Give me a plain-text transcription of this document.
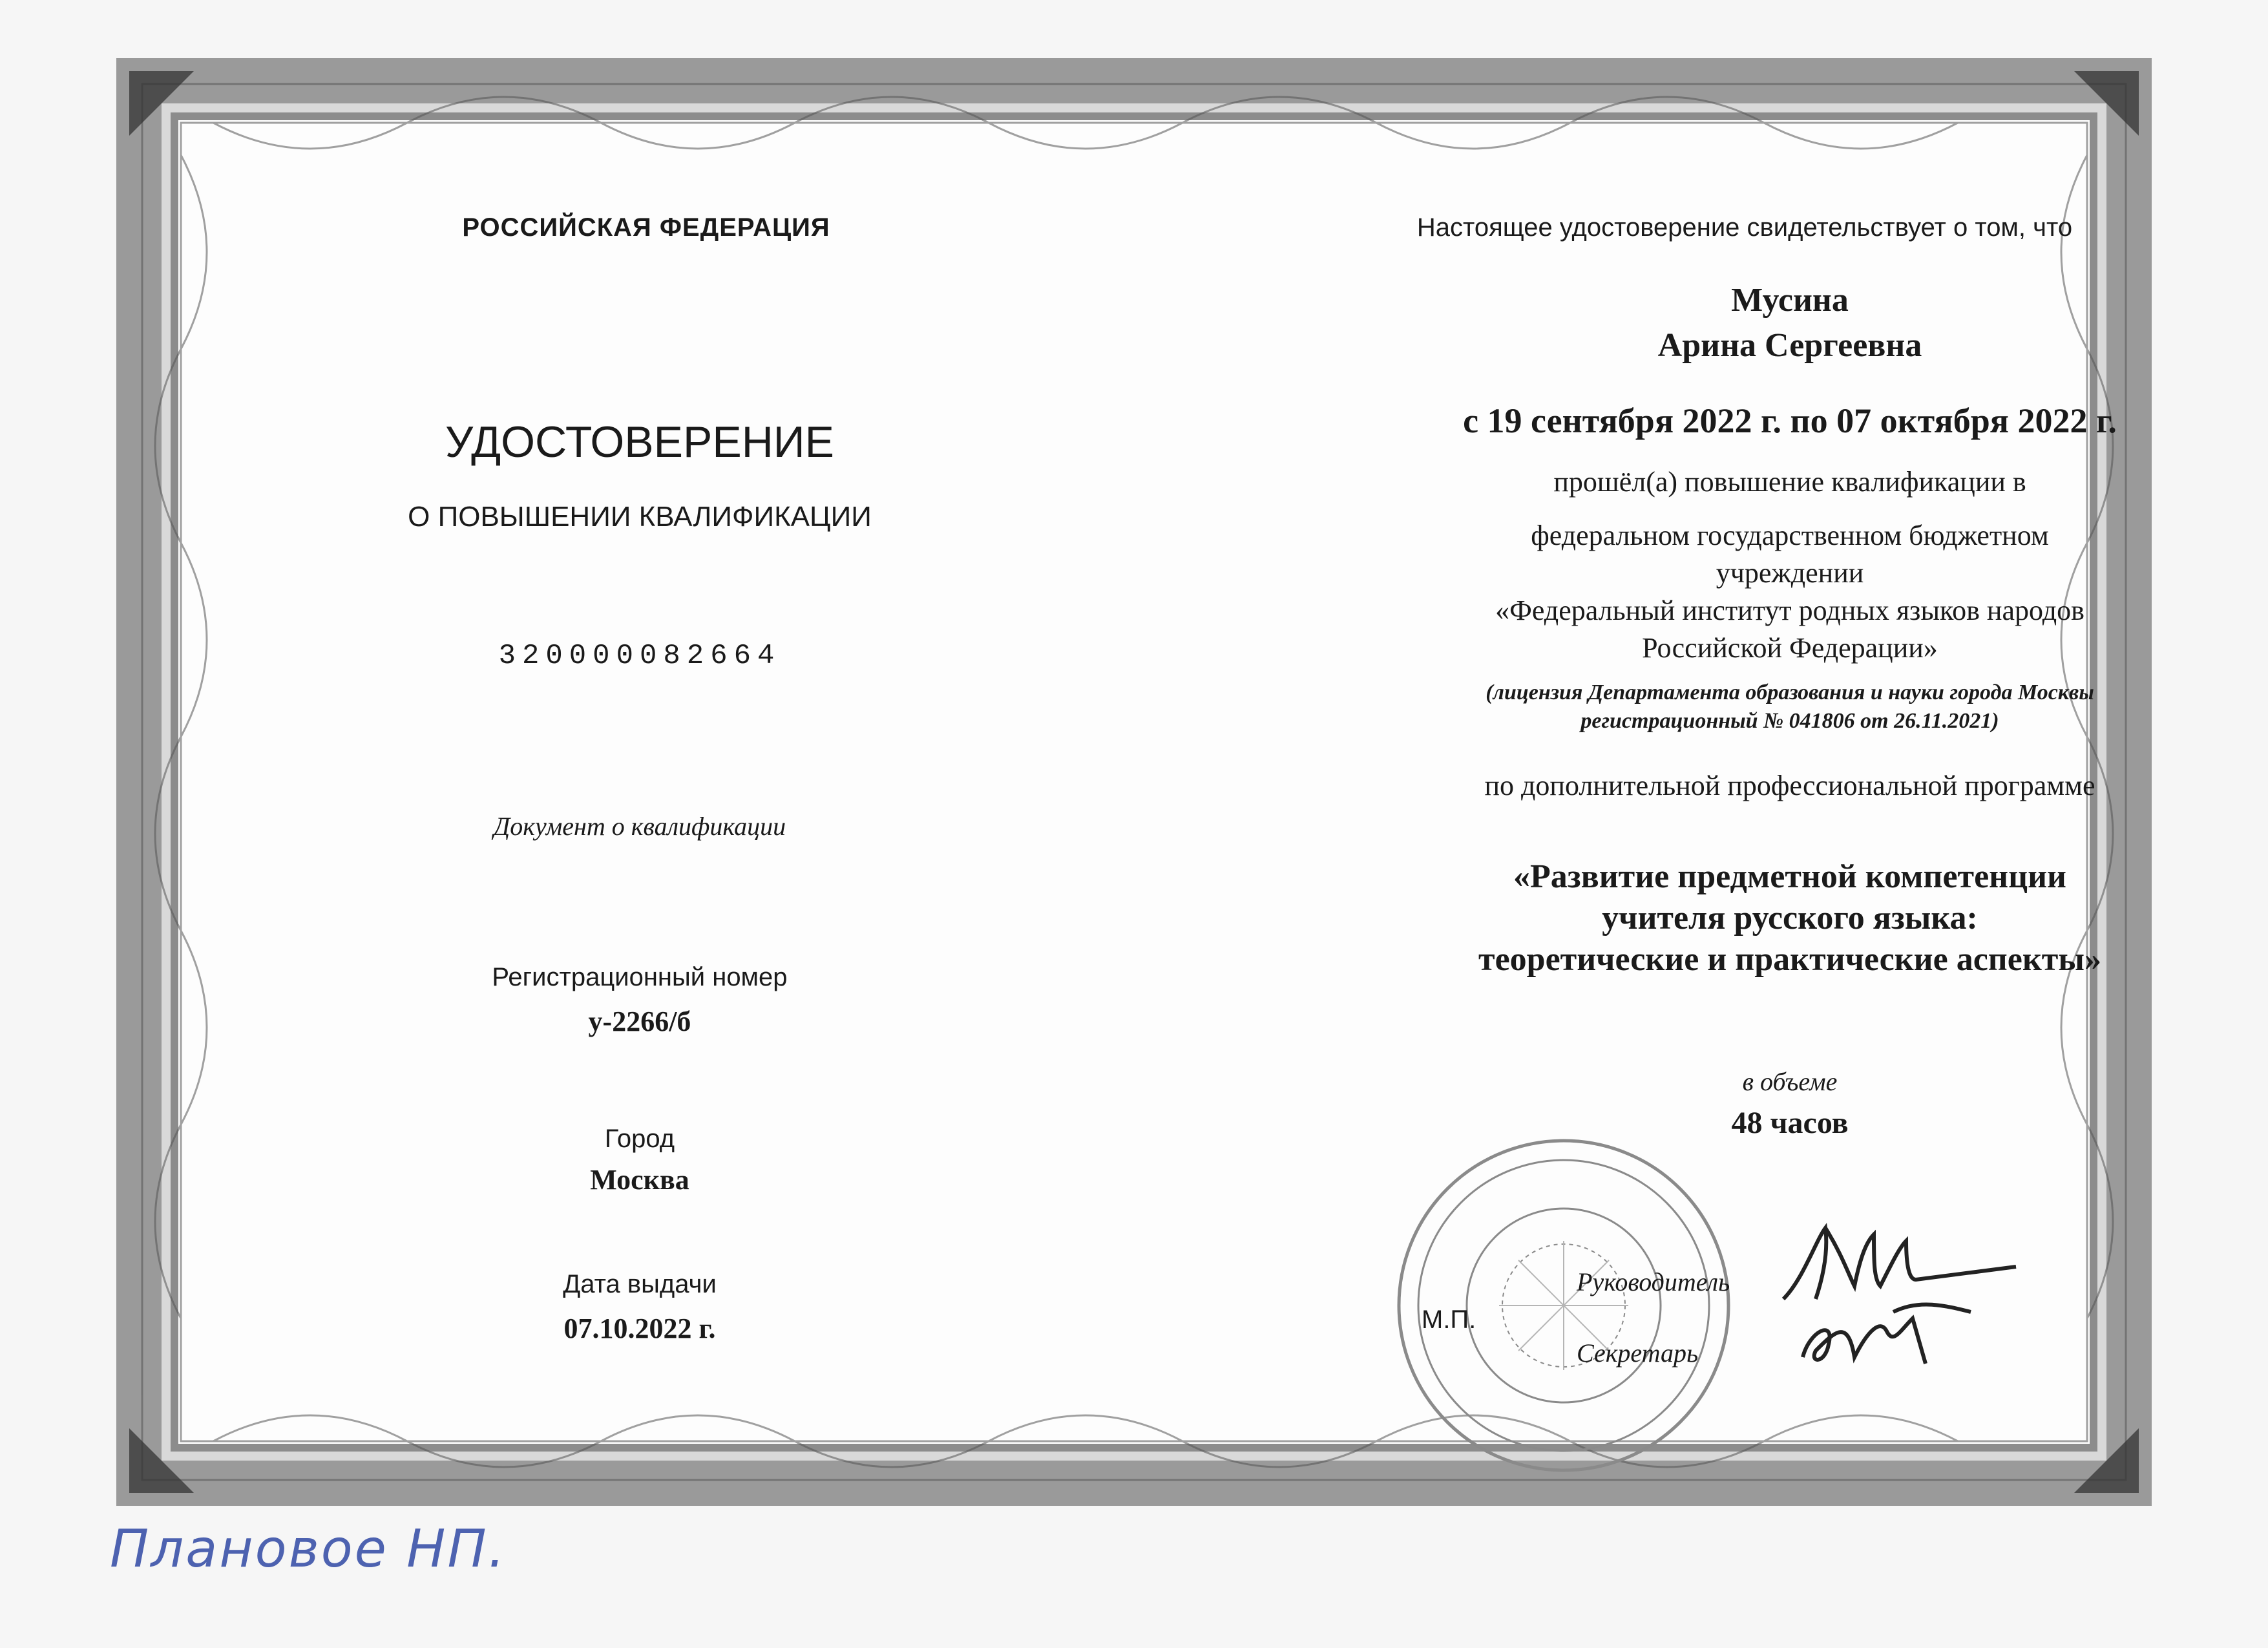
РОССИЙСКАЯ ФЕДЕРАЦИЯ
УДОСТОВЕРЕНИЕ
О ПОВЫШЕНИИ КВАЛИФИКАЦИИ
320000082664
Документ о квалификации
Регистрационный номер
у-2266/б
Город
Москва
Дата выдачи
07.10.2022 г.
Настоящее удостоверение свидетельствует о том, что
Мусина
Арина Сергеевна
с 19 сентября 2022 г. по 07 октября 2022 г.
прошёл(а) повышение квалификации в
федеральном государственном бюджетном
учреждении
«Федеральный институт родных языков народов
Российской Федерации»
(лицензия Департамента образования и науки города Москвы
регистрационный № 041806 от 26.11.2021)
по дополнительной профессиональной программе
«Развитие предметной компетенции
учителя русского языка:
теоретические и практические аспекты»
в объеме
48 часов
М.П.
Руководитель
Секретарь
Плановое НП.
